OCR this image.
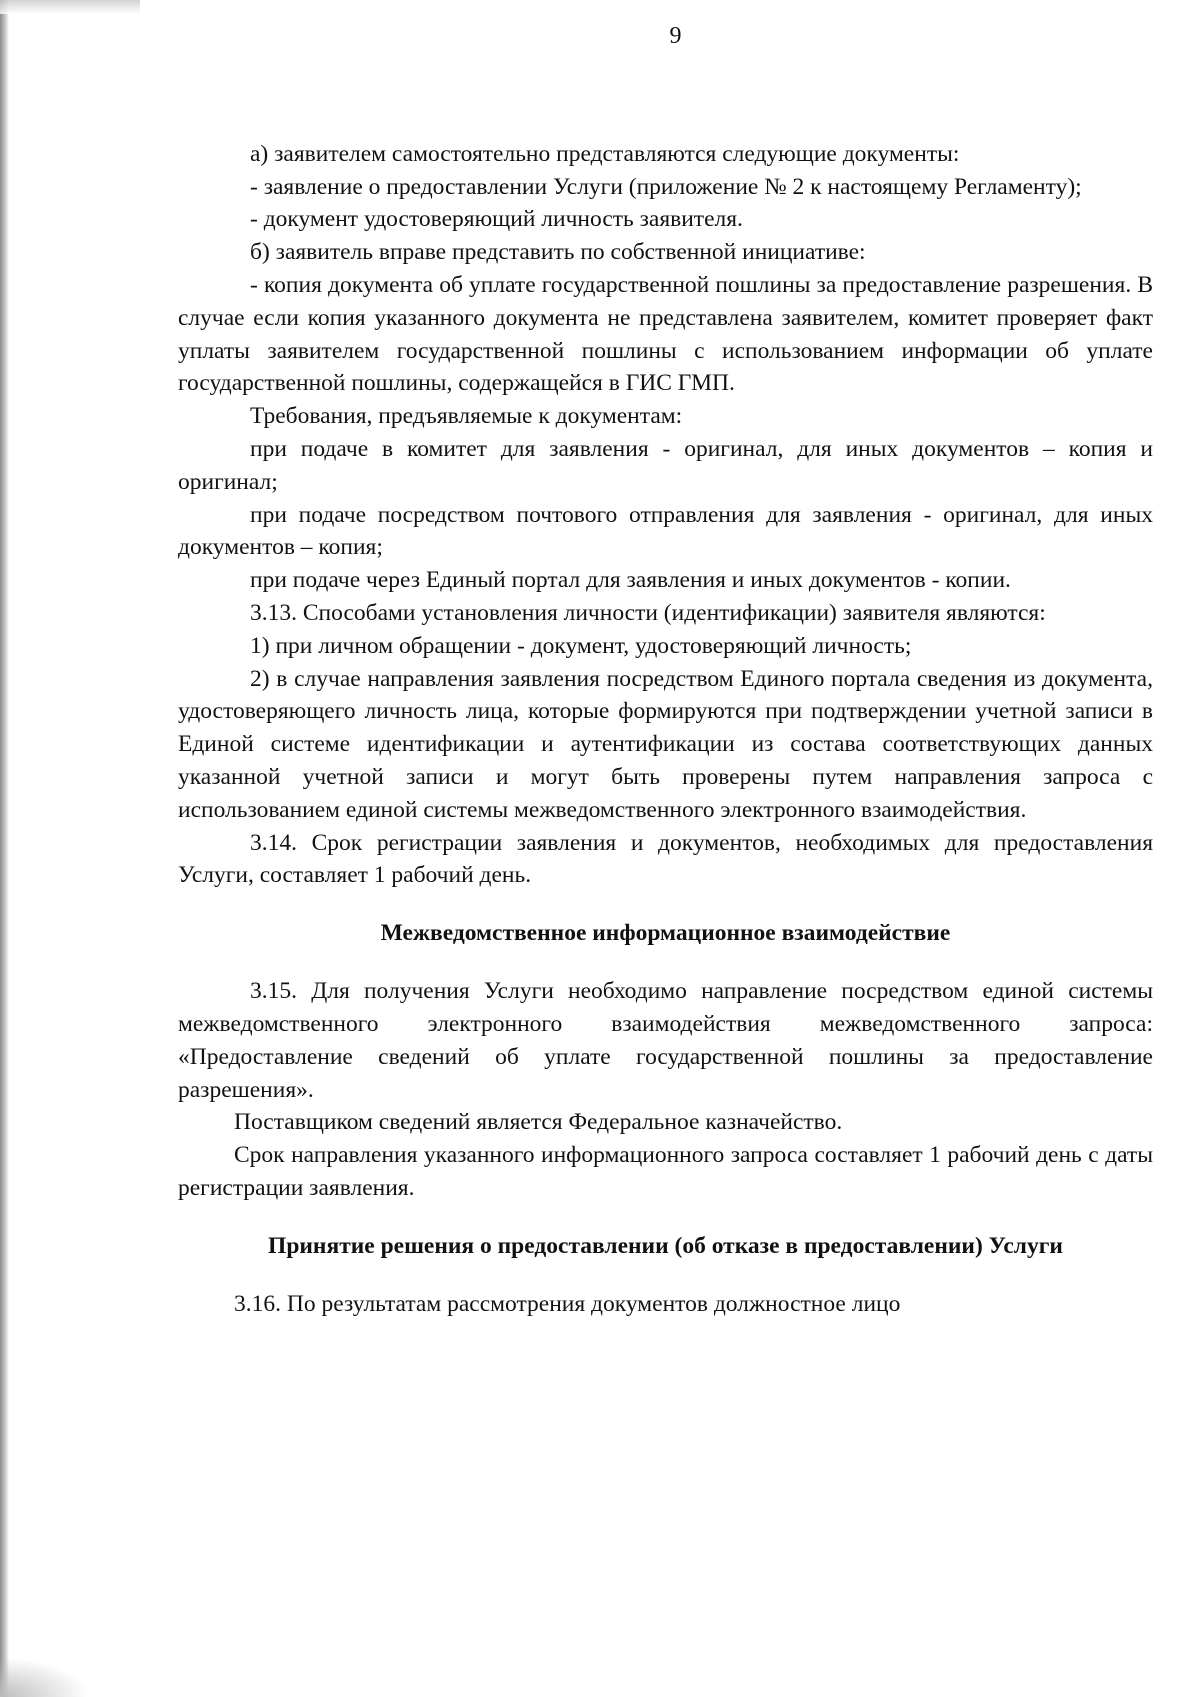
9

а) заявителем самостоятельно представляются следующие документы:

- заявление о предоставлении Услуги (приложение № 2 к настоящему Регламенту);

- документ удостоверяющий личность заявителя.

б) заявитель вправе представить по собственной инициативе:

- копия документа об уплате государственной пошлины за предоставление разрешения. В случае если копия указанного документа не представлена заявителем, комитет проверяет факт уплаты заявителем государственной пошлины с использованием информации об уплате государственной пошлины, содержащейся в ГИС ГМП.

Требования, предъявляемые к документам:

при подаче в комитет для заявления - оригинал, для иных документов – копия и оригинал;

при подаче посредством почтового отправления для заявления - оригинал, для иных документов – копия;

при подаче через Единый портал для заявления и иных документов - копии.

3.13. Способами установления личности (идентификации) заявителя являются:

1) при личном обращении - документ, удостоверяющий личность;

2) в случае направления заявления посредством Единого портала сведения из документа, удостоверяющего личность лица, которые формируются при подтверждении учетной записи в Единой системе идентификации и аутентификации из состава соответствующих данных указанной учетной записи и могут быть проверены путем направления запроса с использованием единой системы межведомственного электронного взаимодействия.

3.14. Срок регистрации заявления и документов, необходимых для предоставления Услуги, составляет 1 рабочий день.

Межведомственное информационное взаимодействие

3.15. Для получения Услуги необходимо направление посредством единой системы межведомственного электронного взаимодействия межведомственного запроса: «Предоставление сведений об уплате государственной пошлины за предоставление разрешения».

Поставщиком сведений является Федеральное казначейство.

Срок направления указанного информационного запроса составляет 1 рабочий день с даты регистрации заявления.

Принятие решения о предоставлении (об отказе в предоставлении) Услуги

3.16. По результатам рассмотрения документов должностное лицо
